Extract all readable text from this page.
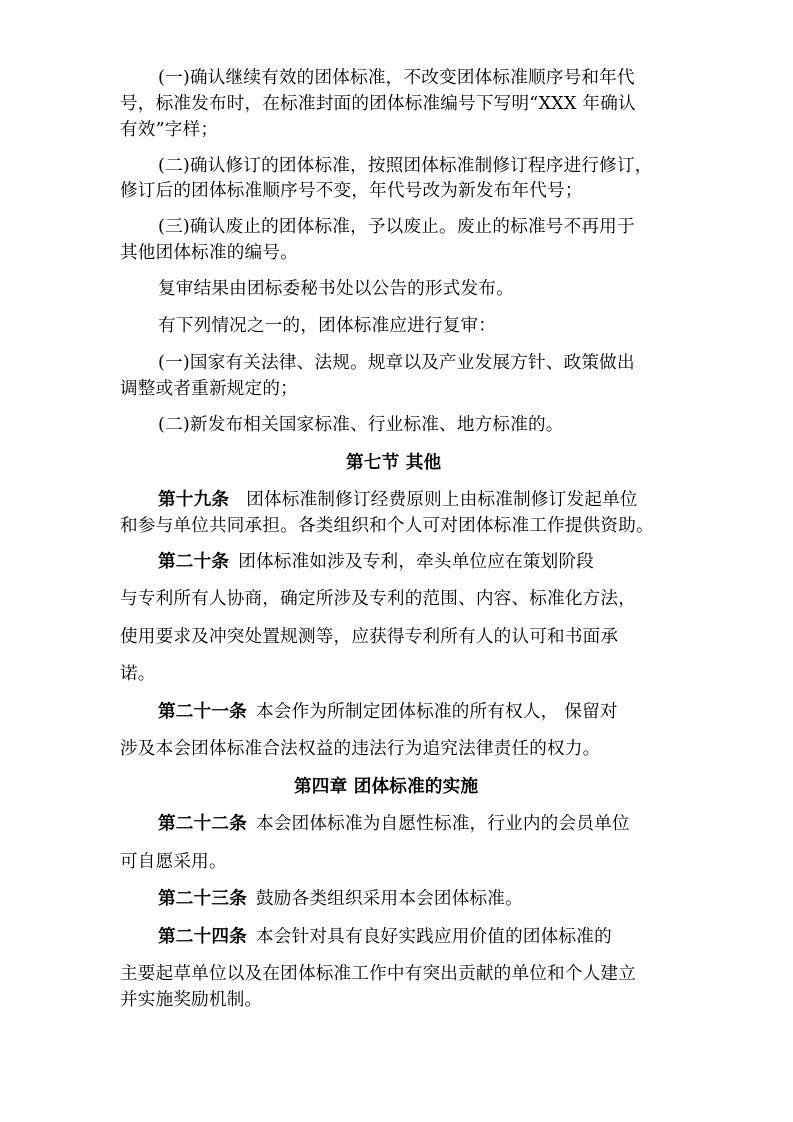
(一)确认继续有效的团体标准，不改变团体标准顺序号和年代
号，标准发布时，在标准封面的团体标准编号下写明“XXX 年确认
有效”字样；
(二)确认修订的团体标准，按照团体标准制修订程序进行修订，
修订后的团体标准顺序号不变，年代号改为新发布年代号；
(三)确认废止的团体标准，予以废止。废止的标准号不再用于
其他团体标准的编号。
复审结果由团标委秘书处以公告的形式发布。
有下列情况之一的，团体标准应进行复审：
(一)国家有关法律、法规。规章以及产业发展方针、政策做出
调整或者重新规定的；
(二)新发布相关国家标准、行业标准、地方标准的。
第七节 其他
第十九条 团体标准制修订经费原则上由标准制修订发起单位
和参与单位共同承担。各类组织和个人可对团体标准工作提供资助。
第二十条 团体标准如涉及专利，牵头单位应在策划阶段
与专利所有人协商，确定所涉及专利的范围、内容、标准化方法，
使用要求及冲突处置规测等，应获得专利所有人的认可和书面承
诺。
第二十一条 本会作为所制定团体标准的所有权人， 保留对
涉及本会团体标准合法权益的违法行为追究法律责任的权力。
第四章 团体标准的实施
第二十二条 本会团体标准为自愿性标准，行业内的会员单位
可自愿采用。
第二十三条 鼓励各类组织采用本会团体标准。
第二十四条 本会针对具有良好实践应用价值的团体标准的
主要起草单位以及在团体标准工作中有突出贡献的单位和个人建立
并实施奖励机制。
